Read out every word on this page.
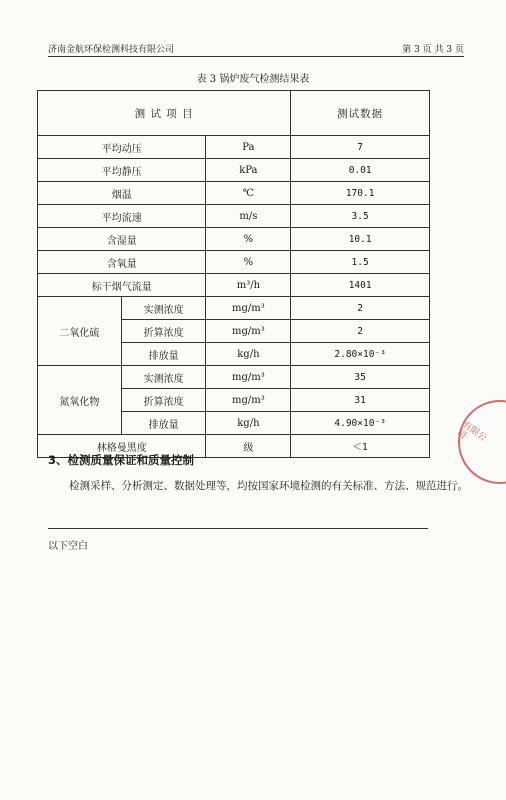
济南金航环保检测科技有限公司	第 3 页 共 3 页
表 3 锅炉废气检测结果表
测 试 项 目			测试数据
平均动压		Pa	7
平均静压		kPa	0.01
烟温		℃	170.1
平均流速		m/s	3.5
含湿量		%	10.1
含氧量		%	1.5
标干烟气流量		m³/h	1401
二氧化硫	实测浓度	mg/m³	2
	折算浓度	mg/m³	2
	排放量	kg/h	2.80×10⁻³
氮氧化物	实测浓度	mg/m³	35
	折算浓度	mg/m³	31
	排放量	kg/h	4.90×10⁻³
林格曼黑度		级	＜1
3、检测质量保证和质量控制
检测采样、分析测定、数据处理等，均按国家环境检测的有关标准、方法、规范进行。
以下空白
有限公司
